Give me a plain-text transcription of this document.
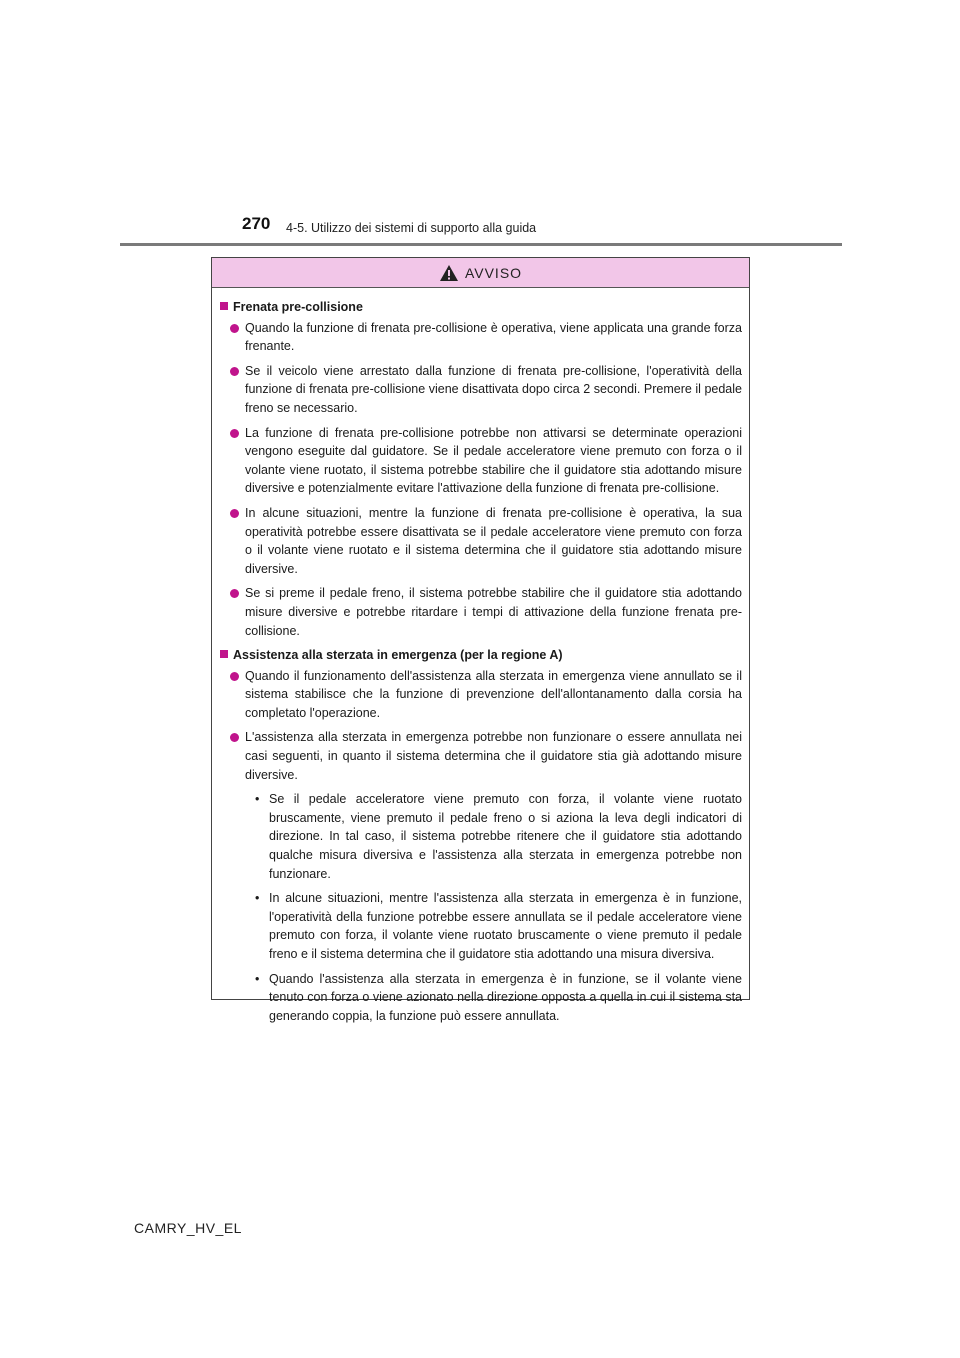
270 4-5. Utilizzo dei sistemi di supporto alla guida
AVVISO
Frenata pre-collisione
Quando la funzione di frenata pre-collisione è operativa, viene applicata una grande forza frenante.
Se il veicolo viene arrestato dalla funzione di frenata pre-collisione, l'operatività della funzione di frenata pre-collisione viene disattivata dopo circa 2 secondi. Premere il pedale freno se necessario.
La funzione di frenata pre-collisione potrebbe non attivarsi se determinate operazioni vengono eseguite dal guidatore. Se il pedale acceleratore viene premuto con forza o il volante viene ruotato, il sistema potrebbe stabilire che il guidatore stia adottando misure diversive e potenzialmente evitare l'attivazione della funzione di frenata pre-collisione.
In alcune situazioni, mentre la funzione di frenata pre-collisione è operativa, la sua operatività potrebbe essere disattivata se il pedale acceleratore viene premuto con forza o il volante viene ruotato e il sistema determina che il guidatore stia adottando misure diversive.
Se si preme il pedale freno, il sistema potrebbe stabilire che il guidatore stia adottando misure diversive e potrebbe ritardare i tempi di attivazione della funzione frenata pre-collisione.
Assistenza alla sterzata in emergenza (per la regione A)
Quando il funzionamento dell'assistenza alla sterzata in emergenza viene annullato se il sistema stabilisce che la funzione di prevenzione dell'allontanamento dalla corsia ha completato l'operazione.
L'assistenza alla sterzata in emergenza potrebbe non funzionare o essere annullata nei casi seguenti, in quanto il sistema determina che il guidatore stia già adottando misure diversive.
• Se il pedale acceleratore viene premuto con forza, il volante viene ruotato bruscamente, viene premuto il pedale freno o si aziona la leva degli indicatori di direzione. In tal caso, il sistema potrebbe ritenere che il guidatore stia adottando qualche misura diversiva e l'assistenza alla sterzata in emergenza potrebbe non funzionare.
• In alcune situazioni, mentre l'assistenza alla sterzata in emergenza è in funzione, l'operatività della funzione potrebbe essere annullata se il pedale acceleratore viene premuto con forza, il volante viene ruotato bruscamente o viene premuto il pedale freno e il sistema determina che il guidatore stia adottando una misura diversiva.
• Quando l'assistenza alla sterzata in emergenza è in funzione, se il volante viene tenuto con forza o viene azionato nella direzione opposta a quella in cui il sistema sta generando coppia, la funzione può essere annullata.
CAMRY_HV_EL
